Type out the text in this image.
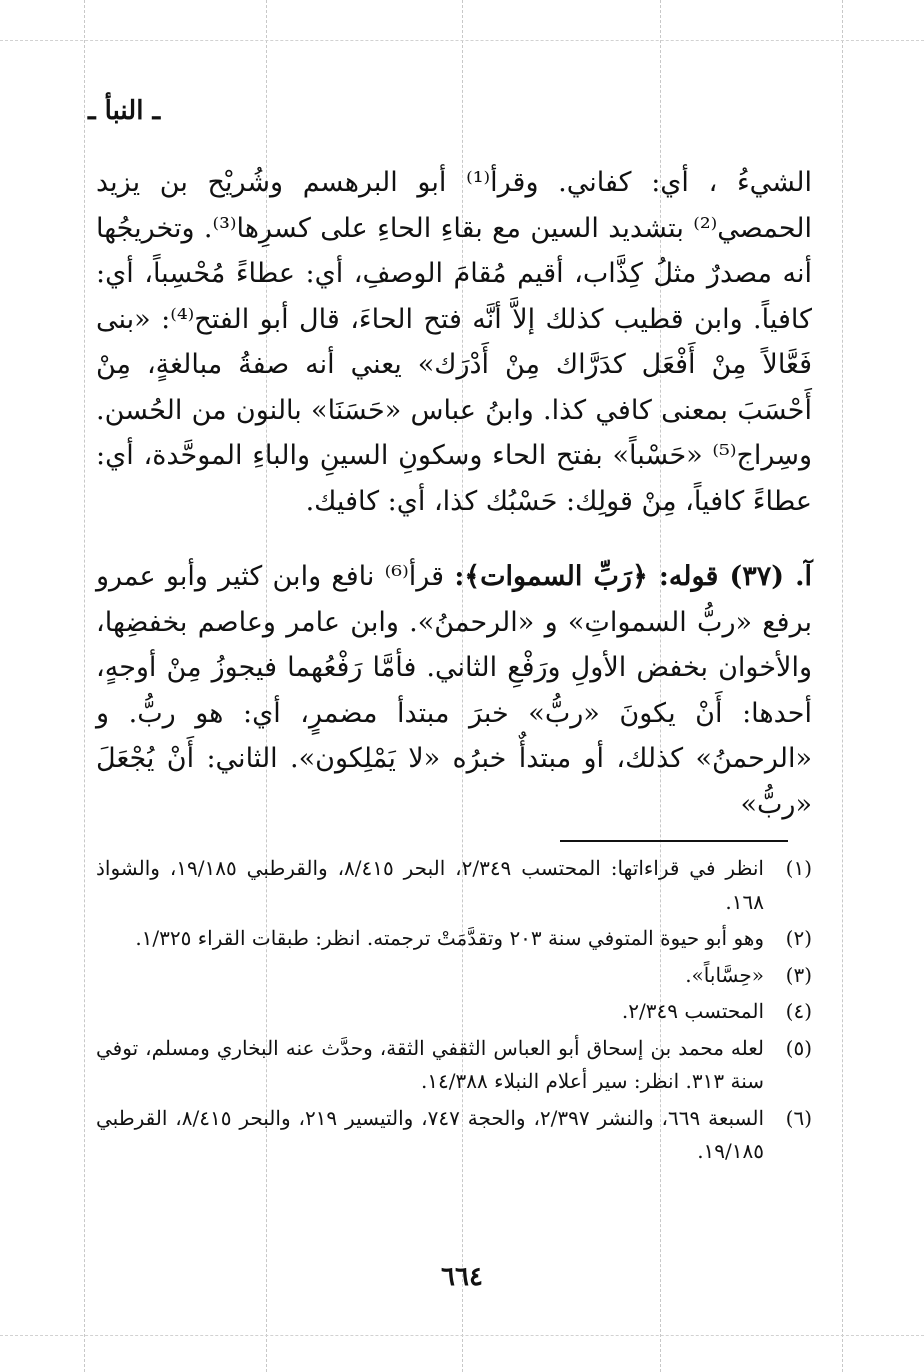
ـ النبأ ـ

الشيءُ ، أي: كفاني. وقرأ⁽¹⁾ أبو البرهسم وشُريْح بن يزيد الحمصي⁽²⁾ بتشديد السين مع بقاءِ الحاءِ على كسرِها⁽³⁾. وتخريجُها أنه مصدرٌ مثلُ كِذَّاب، أقيم مُقامَ الوصفِ، أي: عطاءً مُحْسِباً، أي: كافياً. وابن قطيب كذلك إلاَّ أنَّه فتح الحاءَ، قال أبو الفتح⁽⁴⁾: «بنى فَعَّالاً مِنْ أَفْعَل كدَرَّاك مِنْ أَدْرَك» يعني أنه صفةُ مبالغةٍ، مِنْ أَحْسَبَ بمعنى كافي كذا. وابنُ عباس «حَسَنَا» بالنون من الحُسن. وسِراج⁽⁵⁾ «حَسْباً» بفتح الحاء وسكونِ السينِ والباءِ الموحَّدة، أي: عطاءً كافياً، مِنْ قولِك: حَسْبُك كذا، أي: كافيك.

آ. (٣٧) قوله: ﴿رَبِّ السموات﴾: قرأ⁽⁶⁾ نافع وابن كثير وأبو عمرو برفع «ربُّ السمواتِ» و «الرحمنُ». وابن عامر وعاصم بخفضِها، والأخوان بخفض الأولِ ورَفْعِ الثاني. فأمَّا رَفْعُهما فيجوزُ مِنْ أوجهٍ، أحدها: أَنْ يكونَ «ربُّ» خبرَ مبتدأ مضمرٍ، أي: هو ربُّ. و «الرحمنُ» كذلك، أو مبتدأٌ خبرُه «لا يَمْلِكون». الثاني: أَنْ يُجْعَلَ «ربُّ»

(١)
انظر في قراءاتها: المحتسب ٢/٣٤٩، البحر ٨/٤١٥، والقرطبي ١٩/١٨٥، والشواذ ١٦٨.
(٢)
وهو أبو حيوة المتوفي سنة ٢٠٣ وتقدَّمَتْ ترجمته. انظر: طبقات القراء ١/٣٢٥.
(٣)
«حِسَّاباً».
(٤)
المحتسب ٢/٣٤٩.
(٥)
لعله محمد بن إسحاق أبو العباس الثقفي الثقة، وحدَّث عنه البخاري ومسلم، توفي سنة ٣١٣. انظر: سير أعلام النبلاء ١٤/٣٨٨.
(٦)
السبعة ٦٦٩، والنشر ٢/٣٩٧، والحجة ٧٤٧، والتيسير ٢١٩، والبحر ٨/٤١٥، القرطبي ١٩/١٨٥.
٦٦٤
